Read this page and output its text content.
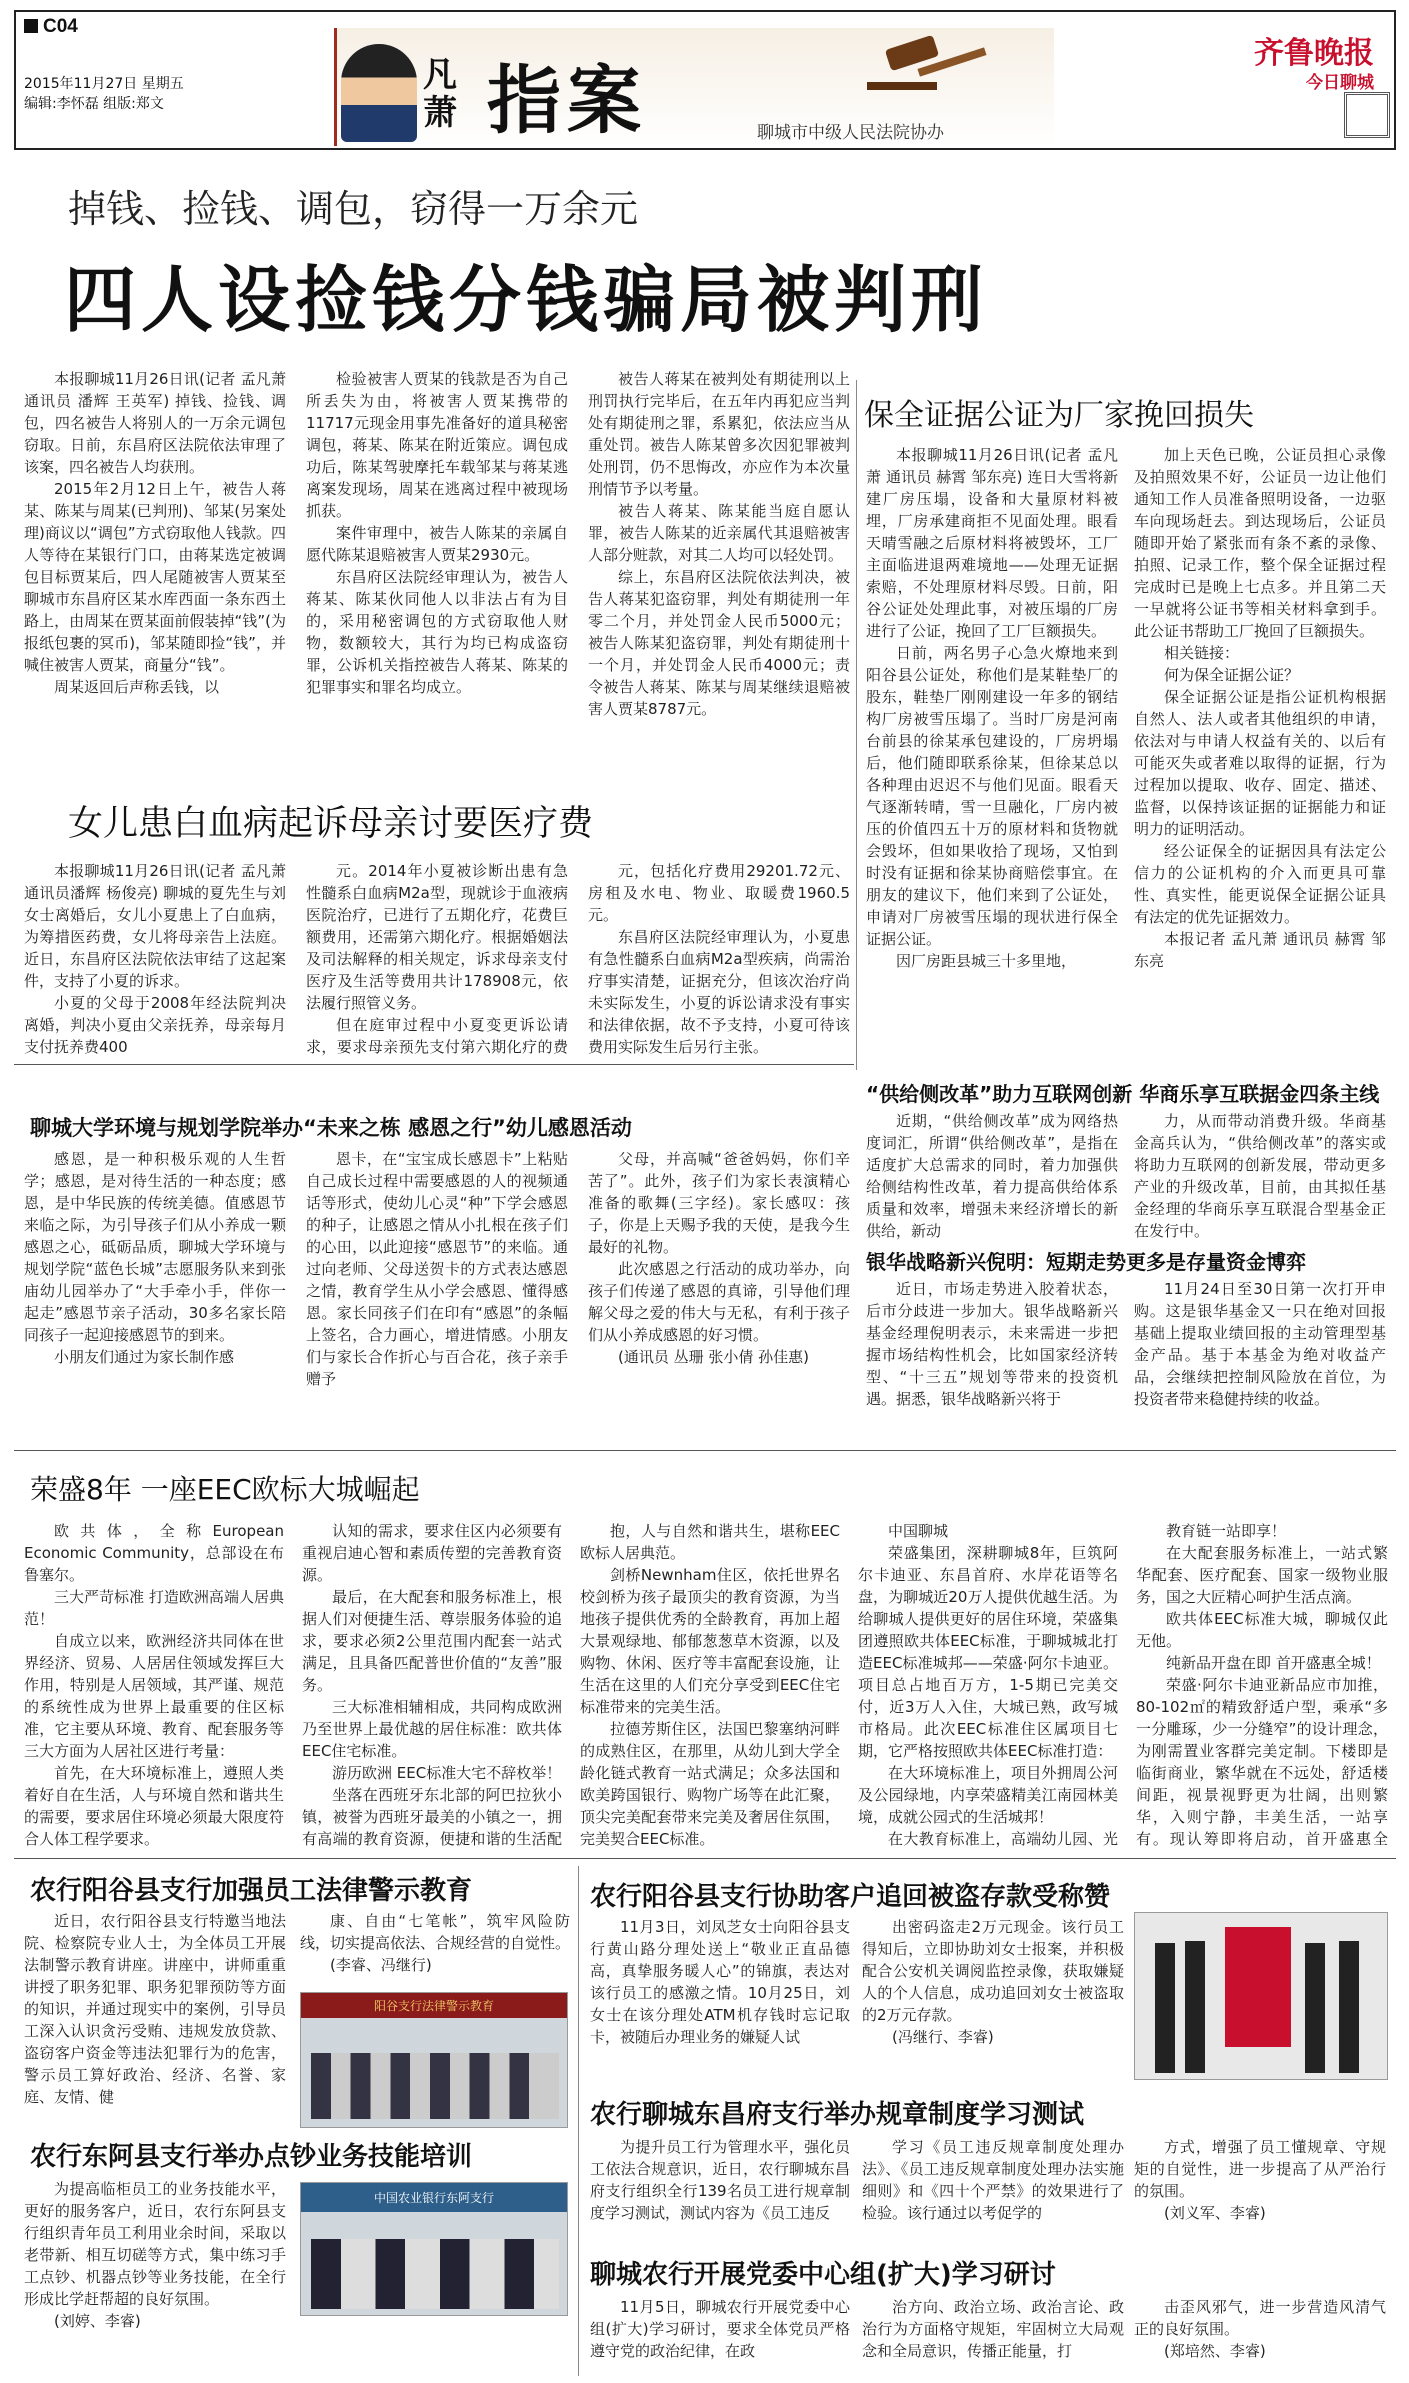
C04
2015年11月27日 星期五
编辑:李怀磊 组版:郑文
凡
萧 指案	聊城市中级人民法院协办
齐鲁晚报
今日聊城
掉钱、捡钱、调包，窃得一万余元
四人设捡钱分钱骗局被判刑

本报聊城11月26日讯(记者 孟凡萧 通讯员 潘辉 王英军) 掉钱、捡钱、调包，四名被告人将别人的一万余元调包窃取。日前，东昌府区法院依法审理了该案，四名被告人均获刑。

2015年2月12日上午，被告人蒋某、陈某与周某(已判刑)、邹某(另案处理)商议以“调包”方式窃取他人钱款。四人等待在某银行门口，由蒋某选定被调包目标贾某后，四人尾随被害人贾某至聊城市东昌府区某水库西面一条东西土路上，由周某在贾某面前假装掉“钱”(为报纸包裹的冥币)，邹某随即捡“钱”，并喊住被害人贾某，商量分“钱”。

周某返回后声称丢钱，以

检验被害人贾某的钱款是否为自己所丢失为由，将被害人贾某携带的11717元现金用事先准备好的道具秘密调包，蒋某、陈某在附近策应。调包成功后，陈某驾驶摩托车载邹某与蒋某逃离案发现场，周某在逃离过程中被现场抓获。

案件审理中，被告人陈某的亲属自愿代陈某退赔被害人贾某2930元。

东昌府区法院经审理认为，被告人蒋某、陈某伙同他人以非法占有为目的，采用秘密调包的方式窃取他人财物，数额较大，其行为均已构成盗窃罪，公诉机关指控被告人蒋某、陈某的犯罪事实和罪名均成立。

被告人蒋某在被判处有期徒刑以上刑罚执行完毕后，在五年内再犯应当判处有期徒刑之罪，系累犯，依法应当从重处罚。被告人陈某曾多次因犯罪被判处刑罚，仍不思悔改，亦应作为本次量刑情节予以考量。

被告人蒋某、陈某能当庭自愿认罪，被告人陈某的近亲属代其退赔被害人部分赃款，对其二人均可以轻处罚。

综上，东昌府区法院依法判决，被告人蒋某犯盗窃罪，判处有期徒刑一年零二个月，并处罚金人民币5000元；被告人陈某犯盗窃罪，判处有期徒刑十一个月，并处罚金人民币4000元；责令被告人蒋某、陈某与周某继续退赔被害人贾某8787元。

保全证据公证为厂家挽回损失

本报聊城11月26日讯(记者 孟凡萧 通讯员 赫霄 邹东亮) 连日大雪将新建厂房压塌，设备和大量原材料被埋，厂房承建商拒不见面处理。眼看天晴雪融之后原材料将被毁坏，工厂主面临进退两难境地——处理无证据索赔，不处理原材料尽毁。日前，阳谷公证处处理此事，对被压塌的厂房进行了公证，挽回了工厂巨额损失。

日前，两名男子心急火燎地来到阳谷县公证处，称他们是某鞋垫厂的股东，鞋垫厂刚刚建设一年多的钢结构厂房被雪压塌了。当时厂房是河南台前县的徐某承包建设的，厂房坍塌后，他们随即联系徐某，但徐某总以各种理由迟迟不与他们见面。眼看天气逐渐转晴，雪一旦融化，厂房内被压的价值四五十万的原材料和货物就会毁坏，但如果收拾了现场，又怕到时没有证据和徐某协商赔偿事宜。在朋友的建议下，他们来到了公证处，申请对厂房被雪压塌的现状进行保全证据公证。

因厂房距县城三十多里地，

加上天色已晚，公证员担心录像及拍照效果不好，公证员一边让他们通知工作人员准备照明设备，一边驱车向现场赶去。到达现场后，公证员随即开始了紧张而有条不紊的录像、拍照、记录工作，整个保全证据过程完成时已是晚上七点多。并且第二天一早就将公证书等相关材料拿到手。此公证书帮助工厂挽回了巨额损失。

相关链接：

何为保全证据公证？

保全证据公证是指公证机构根据自然人、法人或者其他组织的申请，依法对与申请人权益有关的、以后有可能灭失或者难以取得的证据，行为过程加以提取、收存、固定、描述、监督，以保持该证据的证据能力和证明力的证明活动。

经公证保全的证据因具有法定公信力的公证机构的介入而更具可靠性、真实性，能更说保全证据公证具有法定的优先证据效力。

本报记者 孟凡萧 通讯员 赫霄 邹东亮

女儿患白血病起诉母亲讨要医疗费

本报聊城11月26日讯(记者 孟凡萧 通讯员潘辉 杨俊亮) 聊城的夏先生与刘女士离婚后，女儿小夏患上了白血病，为筹措医药费，女儿将母亲告上法庭。近日，东昌府区法院依法审结了这起案件，支持了小夏的诉求。

小夏的父母于2008年经法院判决离婚，判决小夏由父亲抚养，母亲每月支付抚养费400

元。2014年小夏被诊断出患有急性髓系白血病M2a型，现就诊于血液病医院治疗，已进行了五期化疗，花费巨额费用，还需第六期化疗。根据婚姻法及司法解释的相关规定，诉求母亲支付医疗及生活等费用共计178908元，依法履行照管义务。

但在庭审过程中小夏变更诉讼请求，要求母亲预先支付第六期化疗的费

元，包括化疗费用29201.72元、房租及水电、物业、取暖费1960.5元。

东昌府区法院经审理认为，小夏患有急性髓系白血病M2a型疾病，尚需治疗事实清楚，证据充分，但该次治疗尚未实际发生，小夏的诉讼请求没有事实和法律依据，故不予支持，小夏可待该费用实际发生后另行主张。

聊城大学环境与规划学院举办“未来之栋 感恩之行”幼儿感恩活动

感恩，是一种积极乐观的人生哲学；感恩，是对待生活的一种态度；感恩，是中华民族的传统美德。值感恩节来临之际，为引导孩子们从小养成一颗感恩之心，砥砺品质，聊城大学环境与规划学院“蓝色长城”志愿服务队来到张庙幼儿园举办了“大手牵小手，伴你一起走”感恩节亲子活动，30多名家长陪同孩子一起迎接感恩节的到来。

小朋友们通过为家长制作感

恩卡，在“宝宝成长感恩卡”上粘贴自己成长过程中需要感恩的人的视频通话等形式，使幼儿心灵“种”下学会感恩的种子，让感恩之情从小扎根在孩子们的心田，以此迎接“感恩节”的来临。通过向老师、父母送贺卡的方式表达感恩之情，教育学生从小学会感恩、懂得感恩。家长同孩子们在印有“感恩”的条幅上签名，合力画心，增进情感。小朋友们与家长合作折心与百合花，孩子亲手赠予

父母，并高喊“爸爸妈妈，你们辛苦了”。此外，孩子们为家长表演精心准备的歌舞(三字经)。家长感叹：孩子，你是上天赐予我的天使，是我今生最好的礼物。

此次感恩之行活动的成功举办，向孩子们传递了感恩的真谛，引导他们理解父母之爱的伟大与无私，有利于孩子们从小养成感恩的好习惯。

(通讯员 丛珊 张小倩 孙佳惠)

“供给侧改革”助力互联网创新 华商乐享互联据金四条主线

近期，“供给侧改革”成为网络热度词汇，所谓“供给侧改革”，是指在适度扩大总需求的同时，着力加强供给侧结构性改革，着力提高供给体系质量和效率，增强未来经济增长的新供给，新动

力，从而带动消费升级。华商基金高兵认为，“供给侧改革”的落实或将助力互联网的创新发展，带动更多产业的升级改革，目前，由其拟任基金经理的华商乐享互联混合型基金正在发行中。

银华战略新兴倪明：短期走势更多是存量资金博弈

近日，市场走势进入胶着状态，后市分歧进一步加大。银华战略新兴基金经理倪明表示，未来需进一步把握市场结构性机会，比如国家经济转型、“十三五”规划等带来的投资机遇。据悉，银华战略新兴将于

11月24日至30日第一次打开申购。这是银华基金又一只在绝对回报基础上提取业绩回报的主动管理型基金产品。基于本基金为绝对收益产品，会继续把控制风险放在首位，为投资者带来稳健持续的收益。

荣盛8年 一座EEC欧标大城崛起

欧共体，全称European Economic Community，总部设在布鲁塞尔。

三大严苛标准 打造欧洲高端人居典范！

自成立以来，欧洲经济共同体在世界经济、贸易、人居居住领域发挥巨大作用，特别是人居领域，其严谨、规范的系统性成为世界上最重要的住区标准，它主要从环境、教育、配套服务等三大方面为人居社区进行考量：

首先，在大环境标准上，遵照人类着好自在生活，人与环境自然和谐共生的需要，要求居住环境必须最大限度符合人体工程学要求。

认知的需求，要求住区内必须要有重视启迪心智和素质传塑的完善教育资源。

最后，在大配套和服务标准上，根据人们对便捷生活、尊崇服务体验的追求，要求必须2公里范围内配套一站式满足，且具备匹配普世价值的“友善”服务。

三大标准相辅相成，共同构成欧洲乃至世界上最优越的居住标准：欧共体EEC住宅标准。

游历欧洲 EEC标准大宅不辞枚举！

坐落在西班牙东北部的阿巴拉狄小镇，被誉为西班牙最美的小镇之一，拥有高端的教育资源，便捷和谐的生活配

抱，人与自然和谐共生，堪称EEC欧标人居典范。

剑桥Newnham住区，依托世界名校剑桥为孩子最顶尖的教育资源，为当地孩子提供优秀的全龄教育，再加上超大景观绿地、郁郁葱葱草木资源，以及购物、休闲、医疗等丰富配套设施，让生活在这里的人们充分享受到EEC住宅标准带来的完美生活。

拉德芳斯住区，法国巴黎塞纳河畔的成熟住区，在那里，从幼儿到大学全龄化链式教育一站式满足；众多法国和欧美跨国银行、购物广场等在此汇聚，顶尖完美配套带来完美及奢居住氛围，完美契合EEC标准。

中国聊城

荣盛集团，深耕聊城8年，巨筑阿尔卡迪亚、东昌首府、水岸花语等名盘，为聊城近20万人提供优越生活。为给聊城人提供更好的居住环境，荣盛集团遵照欧共体EEC标准，于聊城城北打造EEC标准城邦——荣盛·阿尔卡迪亚。项目总占地百万方，1-5期已完美交付，近3万人入住，大城已熟，政写城市格局。此次EEC标准住区属项目七期，它严格按照欧共体EEC标准打造：

在大环境标准上，项目外拥周公河及公园绿地，内享荣盛精美江南园林美境，成就公园式的生活城邦！

在大教育标准上，高端幼儿园、光

教育链一站即享！

在大配套服务标准上，一站式繁华配套、医疗配套、国家一级物业服务，国之大匠精心呵护生活点滴。

欧共体EEC标准大城，聊城仅此无他。

纯新品开盘在即 首开盛惠全城！

荣盛·阿尔卡迪亚新品应市加推，80-102㎡的精致舒适户型，乘承“多一分雕琢，少一分缝窄”的设计理念，为刚需置业客群完美定制。下楼即是临街商业，繁华就在不远处，舒适楼间距，视景视野更为壮阔，出则繁华，入则宁静，丰美生活，一站享有。现认筹即将启动，首开盛惠全

农行阳谷县支行加强员工法律警示教育

近日，农行阳谷县支行特邀当地法院、检察院专业人士，为全体员工开展法制警示教育讲座。讲座中，讲师重重讲授了职务犯罪、职务犯罪预防等方面的知识，并通过现实中的案例，引导员工深入认识贪污受贿、违规发放贷款、盗窃客户资金等违法犯罪行为的危害，警示员工算好政治、经济、名誉、家庭、友情、健

康、自由“七笔帐”，筑牢风险防线，切实提高依法、合规经营的自觉性。

(李睿、冯继行)

阳谷支行法律警示教育
农行东阿县支行举办点钞业务技能培训

为提高临柜员工的业务技能水平，更好的服务客户，近日，农行东阿县支行组织青年员工利用业余时间，采取以老带新、相互切磋等方式，集中练习手工点钞、机器点钞等业务技能，在全行形成比学赶帮超的良好氛围。

(刘婷、李睿)

中国农业银行东阿支行
农行阳谷县支行协助客户追回被盗存款受称赞

11月3日，刘凤芝女士向阳谷县支行黄山路分理处送上“敬业正直品德高，真挚服务暖人心”的锦旗，表达对该行员工的感激之情。10月25日，刘女士在该分理处ATM机存钱时忘记取卡，被随后办理业务的嫌疑人试

出密码盗走2万元现金。该行员工得知后，立即协助刘女士报案，并积极配合公安机关调阅监控录像，获取嫌疑人的个人信息，成功追回刘女士被盗取的2万元存款。

(冯继行、李睿)

农行聊城东昌府支行举办规章制度学习测试

为提升员工行为管理水平，强化员工依法合规意识，近日，农行聊城东昌府支行组织全行139名员工进行规章制度学习测试，测试内容为《员工违反

学习《员工违反规章制度处理办法》、《员工违反规章制度处理办法实施细则》和《四十个严禁》的效果进行了检验。该行通过以考促学的

方式，增强了员工懂规章、守规矩的自觉性，进一步提高了从严治行的氛围。

(刘义军、李睿)

聊城农行开展党委中心组(扩大)学习研讨

11月5日，聊城农行开展党委中心组(扩大)学习研讨，要求全体党员严格遵守党的政治纪律，在政

治方向、政治立场、政治言论、政治行为方面格守规矩，牢固树立大局观念和全局意识，传播正能量，打

击歪风邪气，进一步营造风清气正的良好氛围。

(郑培然、李睿)
